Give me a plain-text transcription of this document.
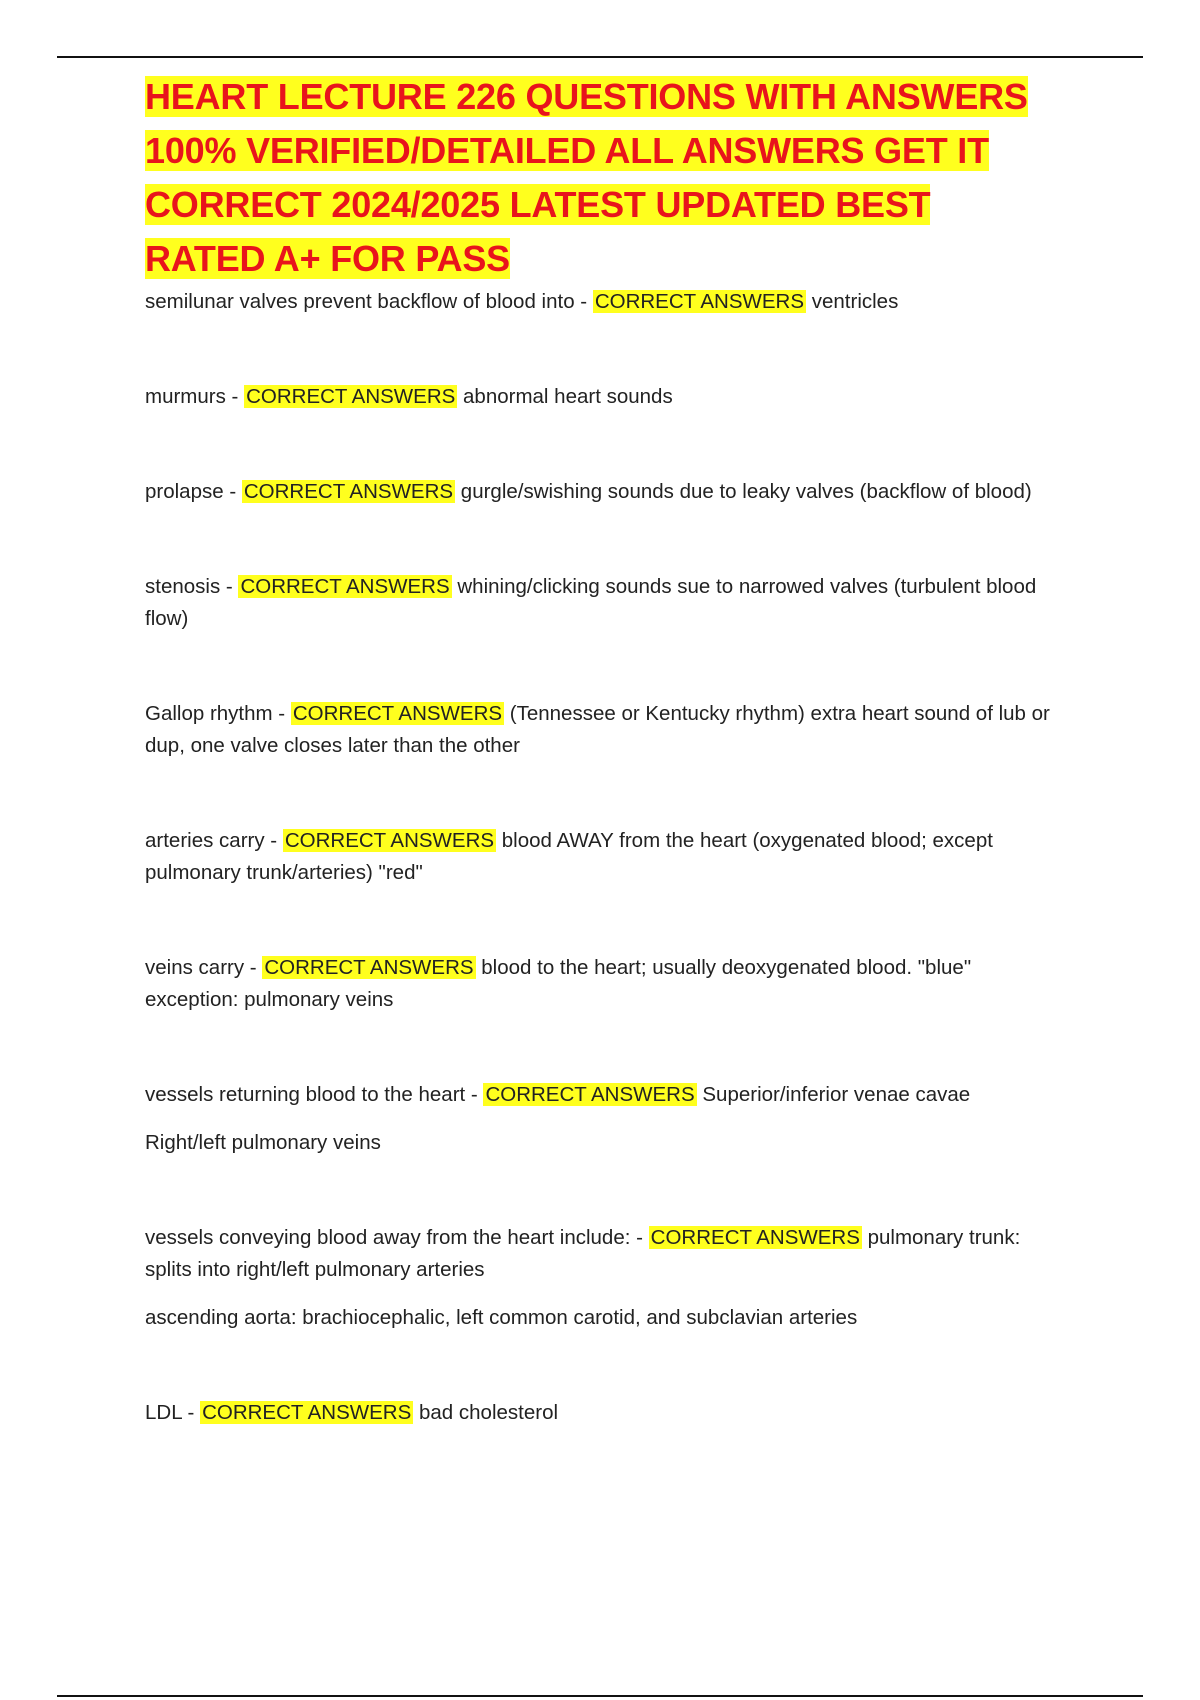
HEART LECTURE 226 QUESTIONS WITH ANSWERS 100% VERIFIED/DETAILED ALL ANSWERS GET IT CORRECT 2024/2025 LATEST UPDATED BEST RATED A+ FOR PASS

semilunar valves prevent backflow of blood into - CORRECT ANSWERS ventricles

murmurs - CORRECT ANSWERS abnormal heart sounds

prolapse - CORRECT ANSWERS gurgle/swishing sounds due to leaky valves (backflow of blood)

stenosis - CORRECT ANSWERS whining/clicking sounds sue to narrowed valves (turbulent blood flow)

Gallop rhythm - CORRECT ANSWERS (Tennessee or Kentucky rhythm) extra heart sound of lub or dup, one valve closes later than the other

arteries carry - CORRECT ANSWERS blood AWAY from the heart (oxygenated blood; except pulmonary trunk/arteries) "red"

veins carry - CORRECT ANSWERS blood to the heart; usually deoxygenated blood. "blue" exception: pulmonary veins

vessels returning blood to the heart - CORRECT ANSWERS Superior/inferior venae cavae

Right/left pulmonary veins

vessels conveying blood away from the heart include: - CORRECT ANSWERS pulmonary trunk: splits into right/left pulmonary arteries

ascending aorta: brachiocephalic, left common carotid, and subclavian arteries

LDL - CORRECT ANSWERS bad cholesterol
